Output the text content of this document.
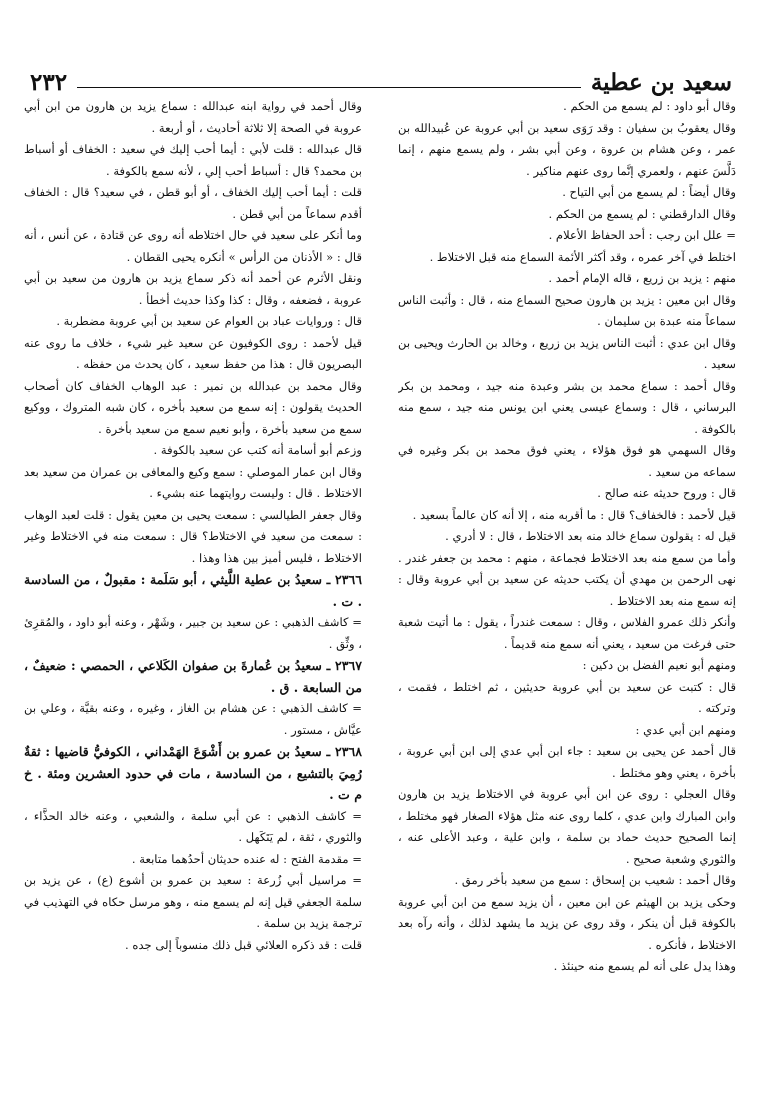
سعيد بن عطية
٢٣٢

وقال أبو داود : لم يسمع من الحكم .

وقال يعقوبُ بن سفيان : وقد رَوَى سعيد بن أبي عروبة عن عُبيدالله بن عمر ، وعن هشام بن عروة ، وعن أبي بشر ، ولم يسمع منهم ، إنما دَلَّسَ عنهم ، ولعمري إنَّما روى عنهم مناكير .

وقال أيضاً : لم يسمع من أبي التياح .

وقال الدارقطني : لم يسمع من الحكم .

= علل ابن رجب : أحد الحفاظ الأعلام .

اختلط في آخر عمره ، وقد أكثر الأئمة السماع منه قبل الاختلاط .

منهم : يزيد بن زريع ، قاله الإمام أحمد .

وقال ابن معين : يزيد بن هارون صحيح السماع منه ، قال : وأثبت الناس سماعاً منه عبدة بن سليمان .

وقال ابن عدي : أثبت الناس يزيد بن زريع ، وخالد بن الحارث ويحيى بن سعيد .

وقال أحمد : سماع محمد بن بشر وعبدة منه جيد ، ومحمد بن بكر البرساني ، قال : وسماع عيسى يعني ابن يونس منه جيد ، سمع منه بالكوفة .

وقال السهمي هو فوق هؤلاء ، يعني فوق محمد بن بكر وغيره في سماعه من سعيد .

قال : وروح حديثه عنه صالح .

قيل لأحمد : فالخفاف؟ قال : ما أقربه منه ، إلا أنه كان عالماً بسعيد .

قيل له : يقولون سماع خالد منه بعد الاختلاط ، قال : لا أدري .

وأما من سمع منه بعد الاختلاط فجماعة ، منهم : محمد بن جعفر غندر . نهى الرحمن بن مهدي أن يكتب حديثه عن سعيد بن أبي عروبة وقال : إنه سمع منه بعد الاختلاط .

وأنكر ذلك عمرو الفلاس ، وقال : سمعت غندراً ، يقول : ما أتيت شعبة حتى فرغت من سعيد ، يعني أنه سمع منه قديماً .

ومنهم أبو نعيم الفضل بن دكين :

قال : كتبت عن سعيد بن أبي عروبة حديثين ، ثم اختلط ، فقمت ، وتركته .

ومنهم ابن أبي عدي :

قال أحمد عن يحيى بن سعيد : جاء ابن أبي عدي إلى ابن أبي عروبة ، بأخرة ، يعني وهو مختلط .

وقال العجلي : روى عن ابن أبي عروبة في الاختلاط يزيد بن هارون وابن المبارك وابن عدي ، كلما روى عنه مثل هؤلاء الصغار فهو مختلط ، إنما الصحيح حديث حماد بن سلمة ، وابن علية ، وعبد الأعلى عنه ، والثوري وشعبة صحيح .

وقال أحمد : شعيب بن إسحاق : سمع من سعيد بأخر رمق .

وحكى يزيد بن الهيثم عن ابن معين ، أن يزيد سمع من ابن أبي عروبة بالكوفة قبل أن ينكر ، وقد روى عن يزيد ما يشهد لذلك ، وأنه رآه بعد الاختلاط ، فأنكره .

وهذا يدل على أنه لم يسمع منه حينئذ .

وقال أحمد في رواية ابنه عبدالله : سماع يزيد بن هارون من ابن أبي عروبة في الصحة إلا ثلاثة أحاديث ، أو أربعة .

قال عبدالله : قلت لأبي : أيما أحب إليك في سعيد : الخفاف أو أسباط بن محمد؟ قال : أسباط أحب إلي ، لأنه سمع بالكوفة .

قلت : أيما أحب إليك الخفاف ، أو أبو قطن ، في سعيد؟ قال : الخفاف أقدم سماعاً من أبي قطن .

وما أنكر على سعيد في حال اختلاطه أنه روى عن قتادة ، عن أنس ، أنه قال : « الأذنان من الرأس » أنكره يحيى القطان .

ونقل الأثرم عن أحمد أنه ذكر سماع يزيد بن هارون من سعيد بن أبي عروبة ، فضعفه ، وقال : كذا وكذا حديث أخطأ .

قال : وروايات عباد بن العوام عن سعيد بن أبي عروبة مضطربة .

قيل لأحمد : روى الكوفيون عن سعيد غير شيء ، خلاف ما روى عنه البصريون قال : هذا من حفظ سعيد ، كان يحدث من حفظه .

وقال محمد بن عبدالله بن نمير : عبد الوهاب الخفاف كان أصحاب الحديث يقولون : إنه سمع من سعيد بأخره ، كان شبه المتروك ، ووكيع سمع من سعيد بأخرة ، وأبو نعيم سمع من سعيد بأخرة .

وزعم أبو أسامة أنه كتب عن سعيد بالكوفة .

وقال ابن عمار الموصلي : سمع وكيع والمعافى بن عمران من سعيد بعد الاختلاط . قال : وليست روايتهما عنه بشيء .

وقال جعفر الطيالسي : سمعت يحيى بن معين يقول : قلت لعبد الوهاب : سمعت من سعيد في الاختلاط؟ قال : سمعت منه في الاختلاط وغير الاختلاط ، فليس أميز بين هذا وهذا .

٢٣٦٦ ـ سعيدُ بن عطية اللَّيثي ، أبو سَلَمة : مقبولٌ ، من السادسة . ت .

= كاشف الذهبي : عن سعيد بن جبير ، وشَهْر ، وعنه أبو داود ، والمُقرِئ ، وثِّق .

٢٣٦٧ ـ سعيدُ بن عُمارةَ بن صفوان الكَلاعي ، الحمصي : ضعيفٌ ، من السابعة . ق .

= كاشف الذهبي : عن هشام بن الغاز ، وغيره ، وعنه بقيَّة ، وعلي بن عيَّاش ، مستور .

٢٣٦٨ ـ سعيدُ بن عمرو بن أَشْوَعَ الهَمْداني ، الكوفيُّ قاضيها : ثقةٌ رُمِيَ بالتشيع ، من السادسة ، مات في حدود العشرين ومئة . خ م ت .

= كاشف الذهبي : عن أبي سلمة ، والشعبي ، وعنه خالد الحذَّاء ، والثوري ، ثقة ، لم يَتَكَهل .

= مقدمة الفتح : له عنده حديثان أحدُهما متابعة .

= مراسيل أبي زُرعة : سعيد بن عمرو بن أشوع (ع) ، عن يزيد بن سلمة الجعفي قيل إنه لم يسمع منه ، وهو مرسل حكاه في التهذيب في ترجمة يزيد بن سلمة .

قلت : قد ذكره العلائي قبل ذلك منسوباً إلى جده .
